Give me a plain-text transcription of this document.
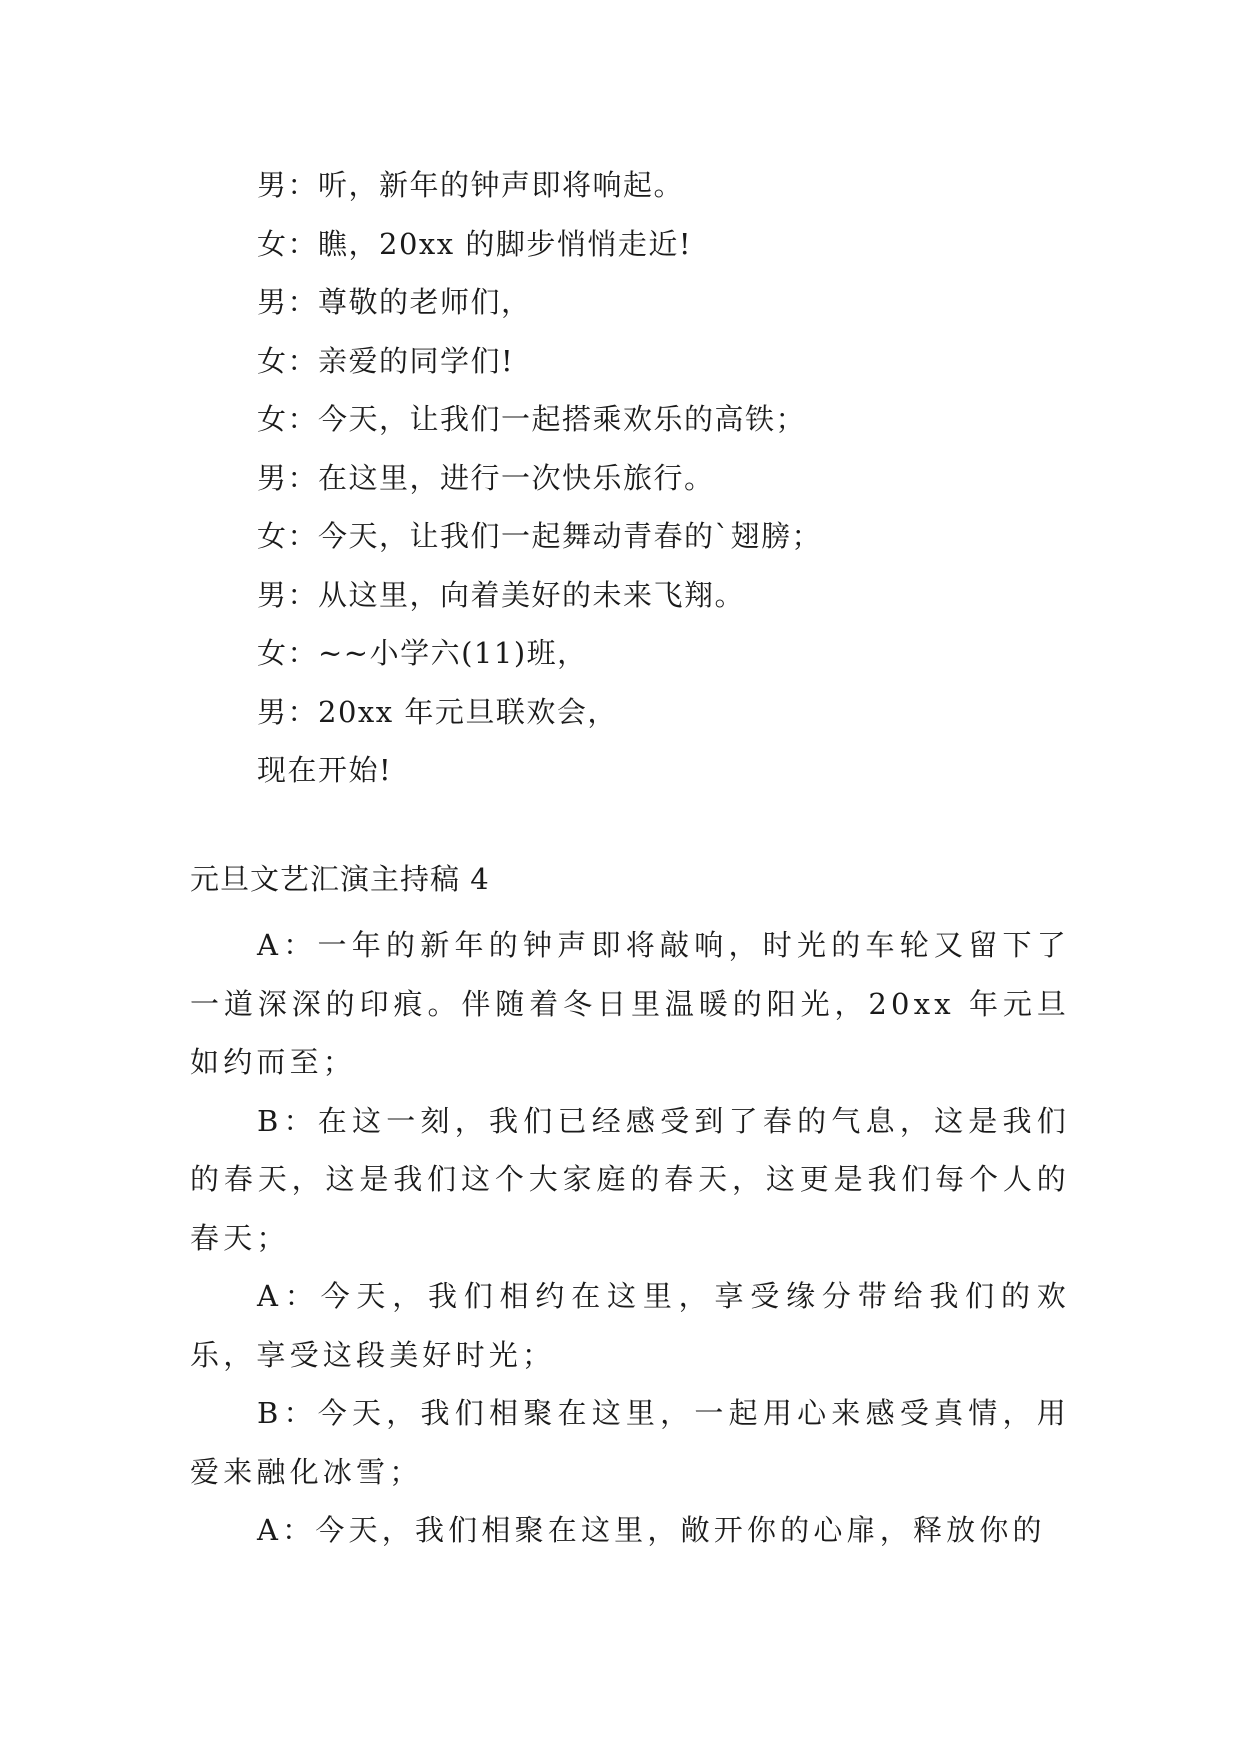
男：听，新年的钟声即将响起。
女：瞧，20xx 的脚步悄悄走近!
男：尊敬的老师们，
女：亲爱的同学们!
女：今天，让我们一起搭乘欢乐的高铁；
男：在这里，进行一次快乐旅行。
女：今天，让我们一起舞动青春的`翅膀；
男：从这里，向着美好的未来飞翔。
女：~~小学六(11)班，
男：20xx 年元旦联欢会，
现在开始!
元旦文艺汇演主持稿 4

A：一年的新年的钟声即将敲响，时光的车轮又留下了一道深深的印痕。伴随着冬日里温暖的阳光，20xx 年元旦如约而至；

B：在这一刻，我们已经感受到了春的气息，这是我们的春天，这是我们这个大家庭的春天，这更是我们每个人的春天；

A：今天，我们相约在这里，享受缘分带给我们的欢乐，享受这段美好时光；

B：今天，我们相聚在这里，一起用心来感受真情，用爱来融化冰雪；

A：今天，我们相聚在这里，敞开你的心扉，释放你的
